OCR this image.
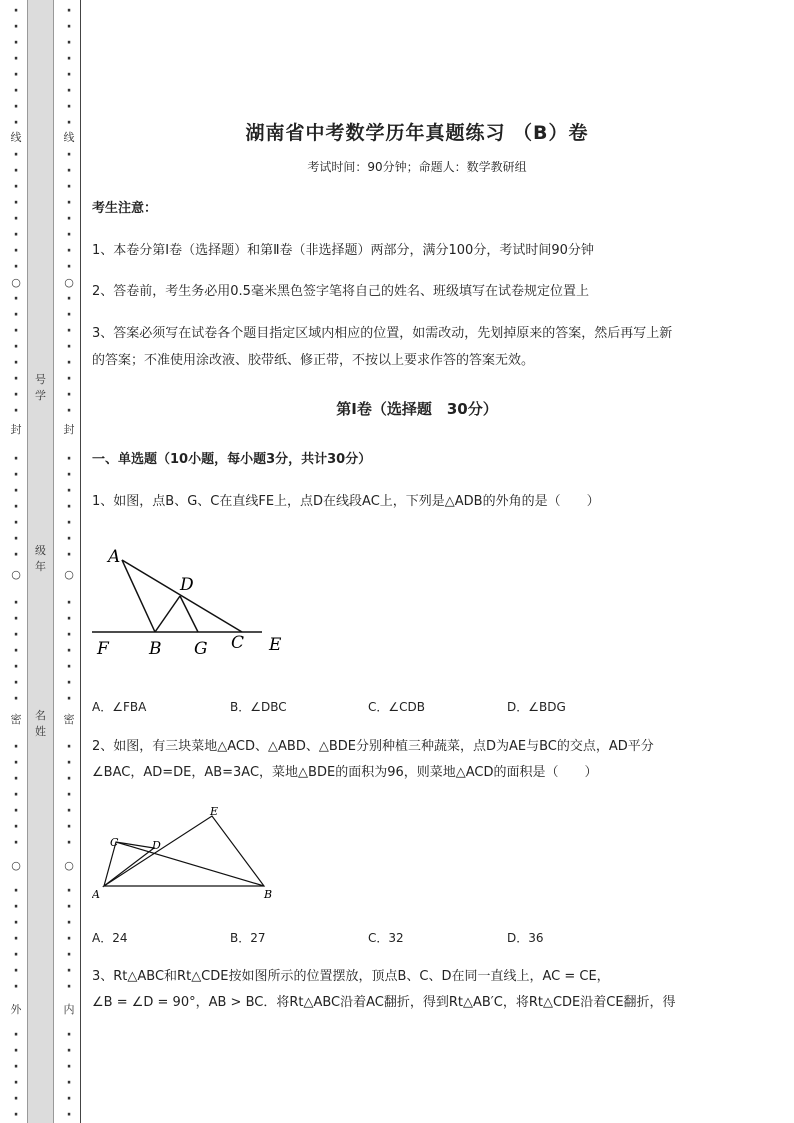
·
·
·
·
·
·
·
·
·
·
·
·
·
·
·
·
·
·
·
·
·
·
·
·
·
·
·
·
·
·
·
·
·
·
·
·
·
·
·
·
·
·
·
·
·
·
·
·
·
·
·
·
·
·
·
·
·
·
线
○
封
○
密
○
外
号
学
级
年
名
姓
·
·
·
·
·
·
·
·
·
·
·
·
·
·
·
·
·
·
·
·
·
·
·
·
·
·
·
·
·
·
·
·
·
·
·
·
·
·
·
·
·
·
·
·
·
·
·
·
·
·
·
·
·
·
·
·
·
·
线
○
封
○
密
○
内
湖南省中考数学历年真题练习 （B）卷
考试时间：90分钟；命题人：数学教研组
考生注意：
1、本卷分第Ⅰ卷（选择题）和第Ⅱ卷（非选择题）两部分，满分100分，考试时间90分钟
2、答卷前，考生务必用0.5毫米黑色签字笔将自己的姓名、班级填写在试卷规定位置上
3、答案必须写在试卷各个题目指定区域内相应的位置，如需改动，先划掉原来的答案，然后再写上新
的答案；不准使用涂改液、胶带纸、修正带，不按以上要求作答的答案无效。
第Ⅰ卷（选择题　30分）
一、单选题（10小题，每小题3分，共计30分）
1、如图，点B、G、C在直线FE上，点D在线段AC上，下列是△ADB的外角的是（　　）
A
D
F B G C E
A．∠FBA	B．∠DBC	C．∠CDB	D．∠BDG
2、如图，有三块菜地△ACD、△ABD、△BDE分别种植三种蔬菜，点D为AE与BC的交点，AD平分
∠BAC，AD=DE，AB=3AC，菜地△BDE的面积为96，则菜地△ACD的面积是（　　）
E
C	D
A	B
A．24	B．27	C．32	D．36
3、Rt△ABC和Rt△CDE按如图所示的位置摆放，顶点B、C、D在同一直线上，AC = CE，
∠B = ∠D = 90°，AB > BC．将Rt△ABC沿着AC翻折，得到Rt△AB′C，将Rt△CDE沿着CE翻折，得
